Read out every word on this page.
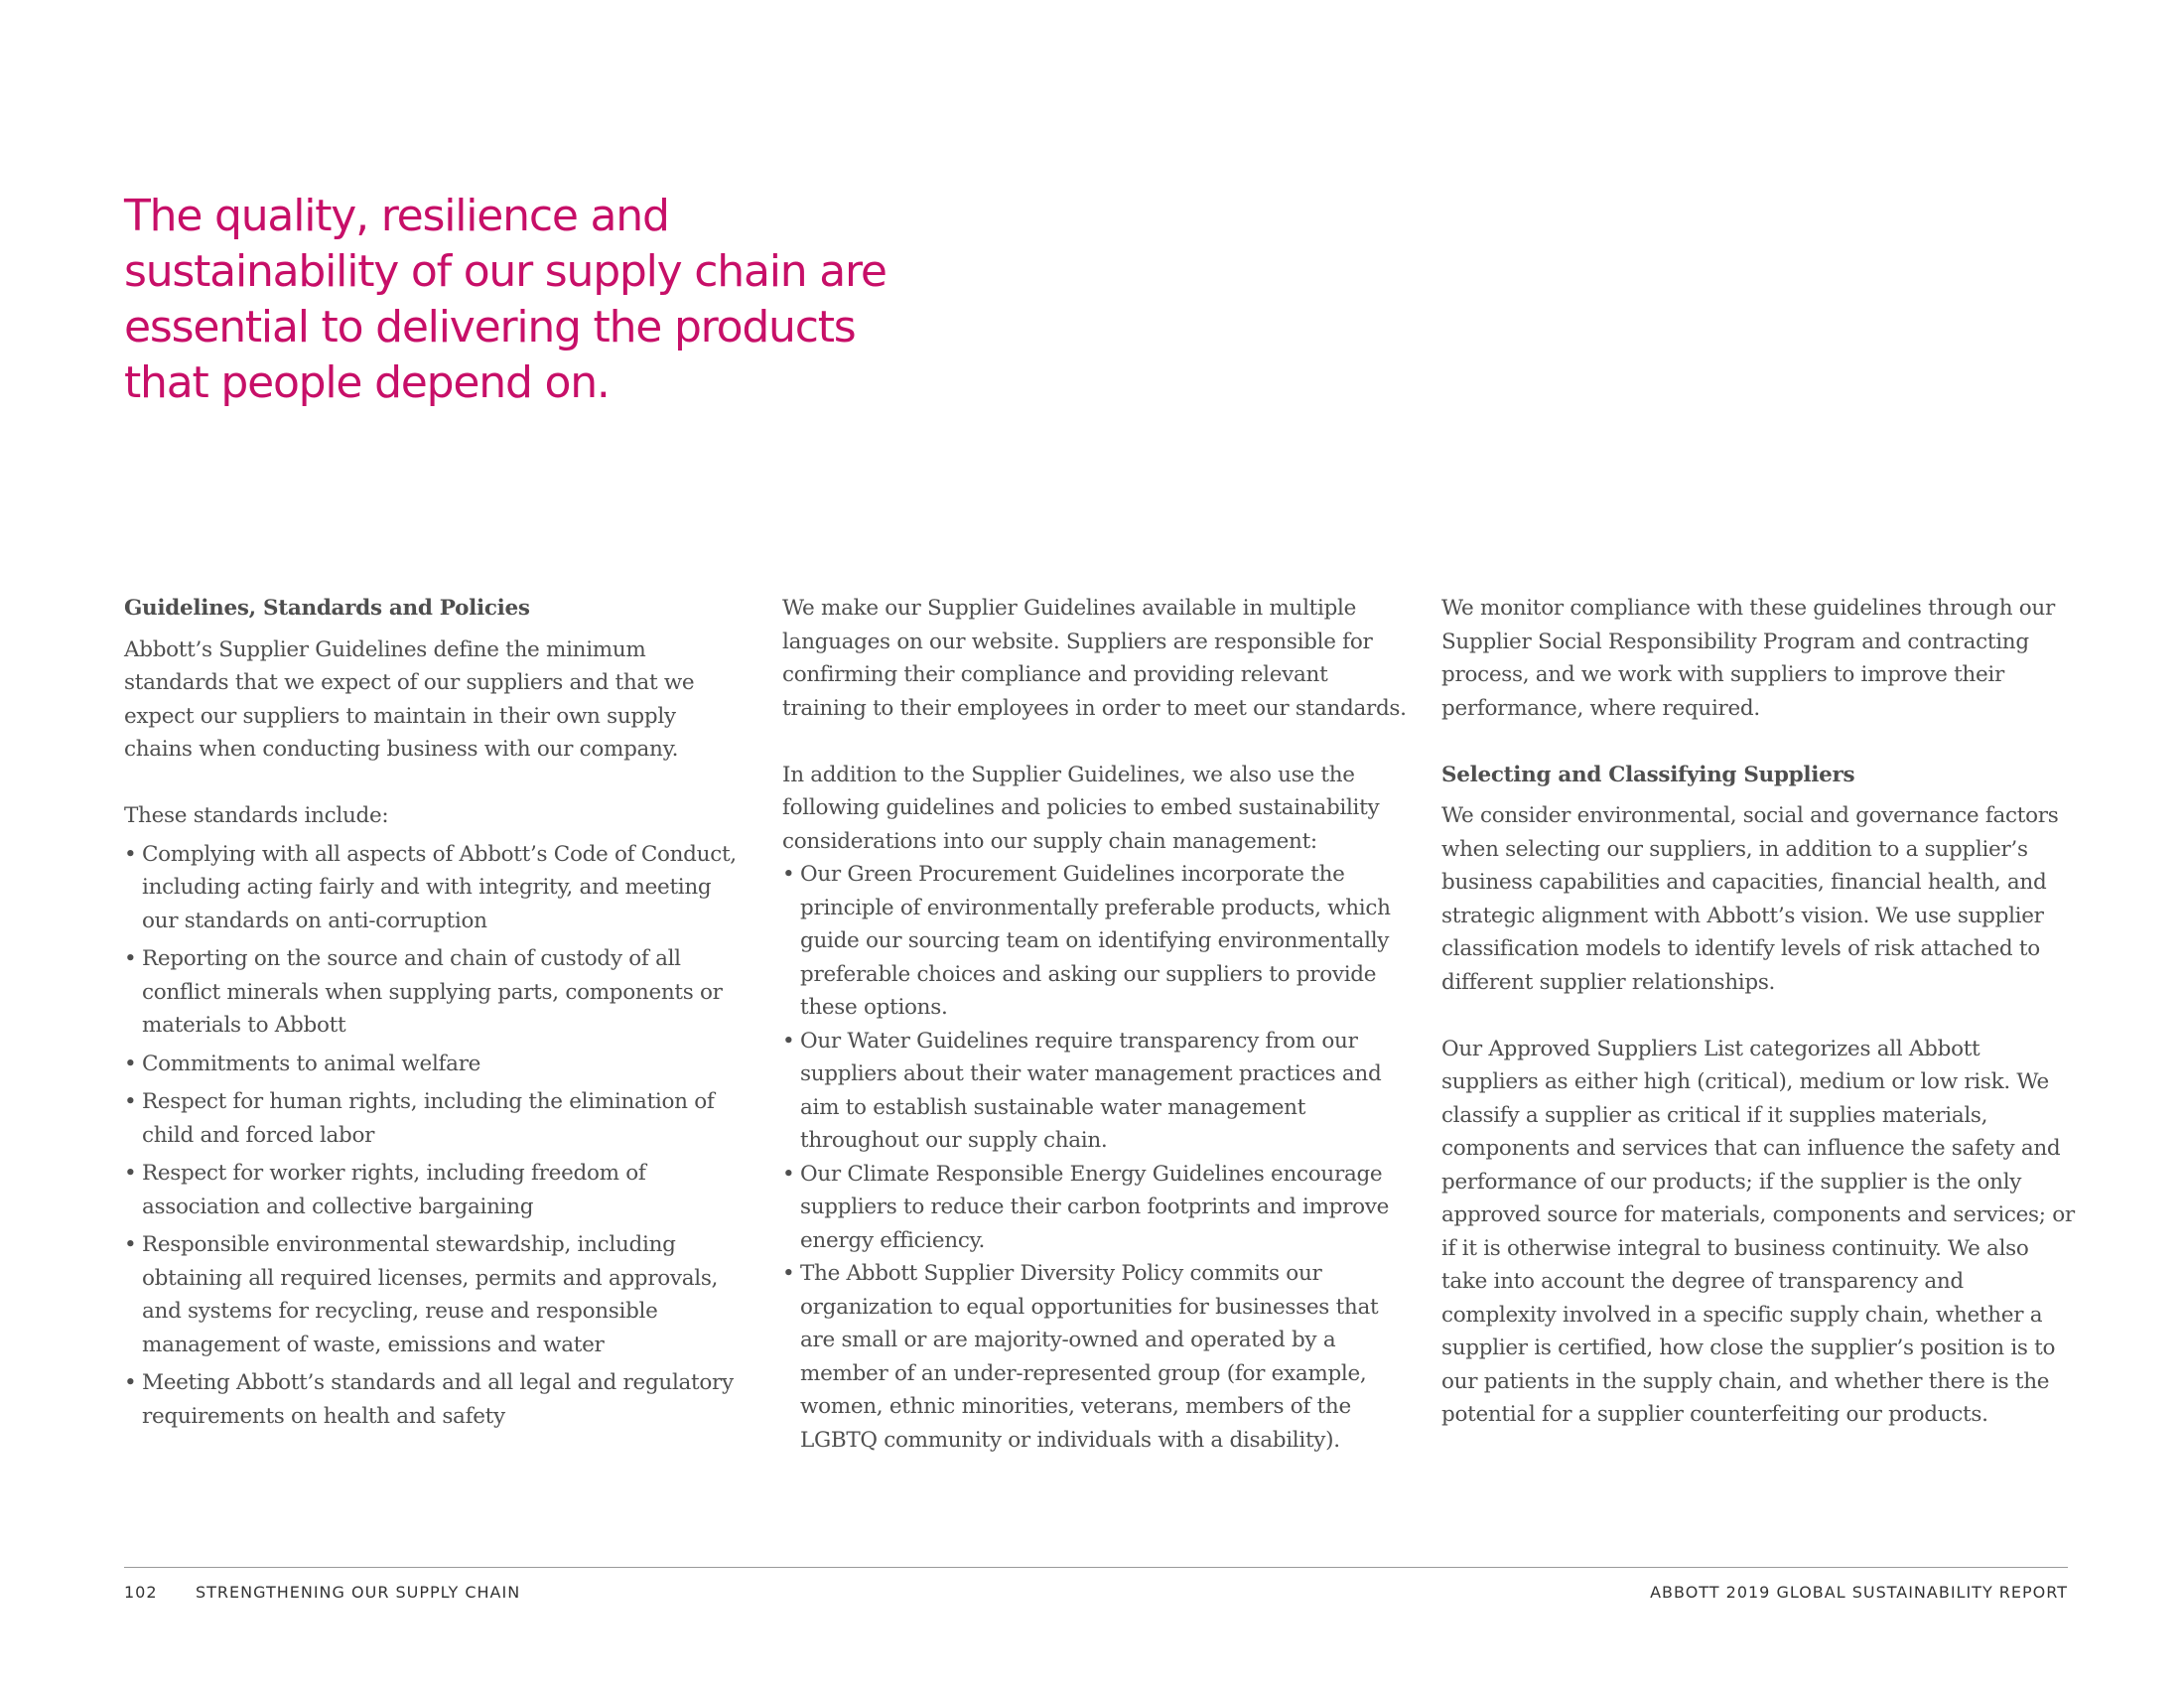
The quality, resilience and sustainability of our supply chain are essential to delivering the products that people depend on.
Guidelines, Standards and Policies

Abbott’s Supplier Guidelines define the minimum standards that we expect of our suppliers and that we expect our suppliers to maintain in their own supply chains when conducting business with our company.

These standards include:

• Complying with all aspects of Abbott’s Code of Conduct, including acting fairly and with integrity, and meeting our standards on anti-corruption
• Reporting on the source and chain of custody of all conflict minerals when supplying parts, components or materials to Abbott
• Commitments to animal welfare
• Respect for human rights, including the elimination of child and forced labor
• Respect for worker rights, including freedom of association and collective bargaining
• Responsible environmental stewardship, including obtaining all required licenses, permits and approvals, and systems for recycling, reuse and responsible management of waste, emissions and water
• Meeting Abbott’s standards and all legal and regulatory requirements on health and safety

We make our Supplier Guidelines available in multiple languages on our website. Suppliers are responsible for confirming their compliance and providing relevant training to their employees in order to meet our standards.

In addition to the Supplier Guidelines, we also use the following guidelines and policies to embed sustainability considerations into our supply chain management:

• Our Green Procurement Guidelines incorporate the principle of environmentally preferable products, which guide our sourcing team on identifying environmentally preferable choices and asking our suppliers to provide these options.
• Our Water Guidelines require transparency from our suppliers about their water management practices and aim to establish sustainable water management throughout our supply chain.
• Our Climate Responsible Energy Guidelines encourage suppliers to reduce their carbon footprints and improve energy efficiency.
• The Abbott Supplier Diversity Policy commits our organization to equal opportunities for businesses that are small or are majority-owned and operated by a member of an under-represented group (for example, women, ethnic minorities, veterans, members of the LGBTQ community or individuals with a disability).

We monitor compliance with these guidelines through our Supplier Social Responsibility Program and contracting process, and we work with suppliers to improve their performance, where required.

Selecting and Classifying Suppliers

We consider environmental, social and governance factors when selecting our suppliers, in addition to a supplier’s business capabilities and capacities, financial health, and strategic alignment with Abbott’s vision. We use supplier classification models to identify levels of risk attached to different supplier relationships.

Our Approved Suppliers List categorizes all Abbott suppliers as either high (critical), medium or low risk. We classify a supplier as critical if it supplies materials, components and services that can influence the safety and performance of our products; if the supplier is the only approved source for materials, components and services; or if it is otherwise integral to business continuity. We also take into account the degree of transparency and complexity involved in a specific supply chain, whether a supplier is certified, how close the supplier’s position is to our patients in the supply chain, and whether there is the potential for a supplier counterfeiting our products.

102 STRENGTHENING OUR SUPPLY CHAIN	ABBOTT 2019 GLOBAL SUSTAINABILITY REPORT
